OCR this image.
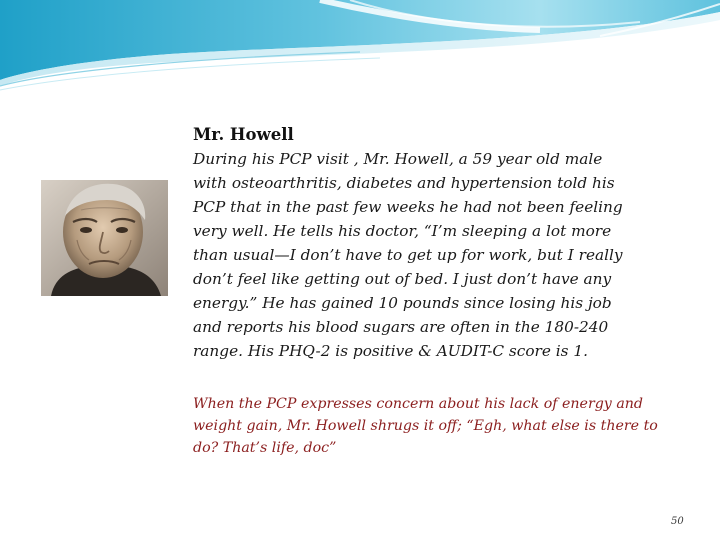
Mr. Howell
During his PCP visit , Mr. Howell, a 59 year old male
with osteoarthritis, diabetes and hypertension told his
PCP that in the past few weeks he had not been feeling
very well. He tells his doctor, “I’m sleeping a lot more
than usual—I don’t have to get up for work, but I really
don’t feel like getting out of bed. I just don’t have any
energy.” He has gained 10 pounds since losing his job
and reports his blood sugars are often in the 180-240
range. His PHQ-2 is positive & AUDIT-C score is 1.
When the PCP expresses concern about his lack of energy and
weight gain, Mr. Howell shrugs it off; “Egh, what else is there to
do? That’s life, doc”
50
